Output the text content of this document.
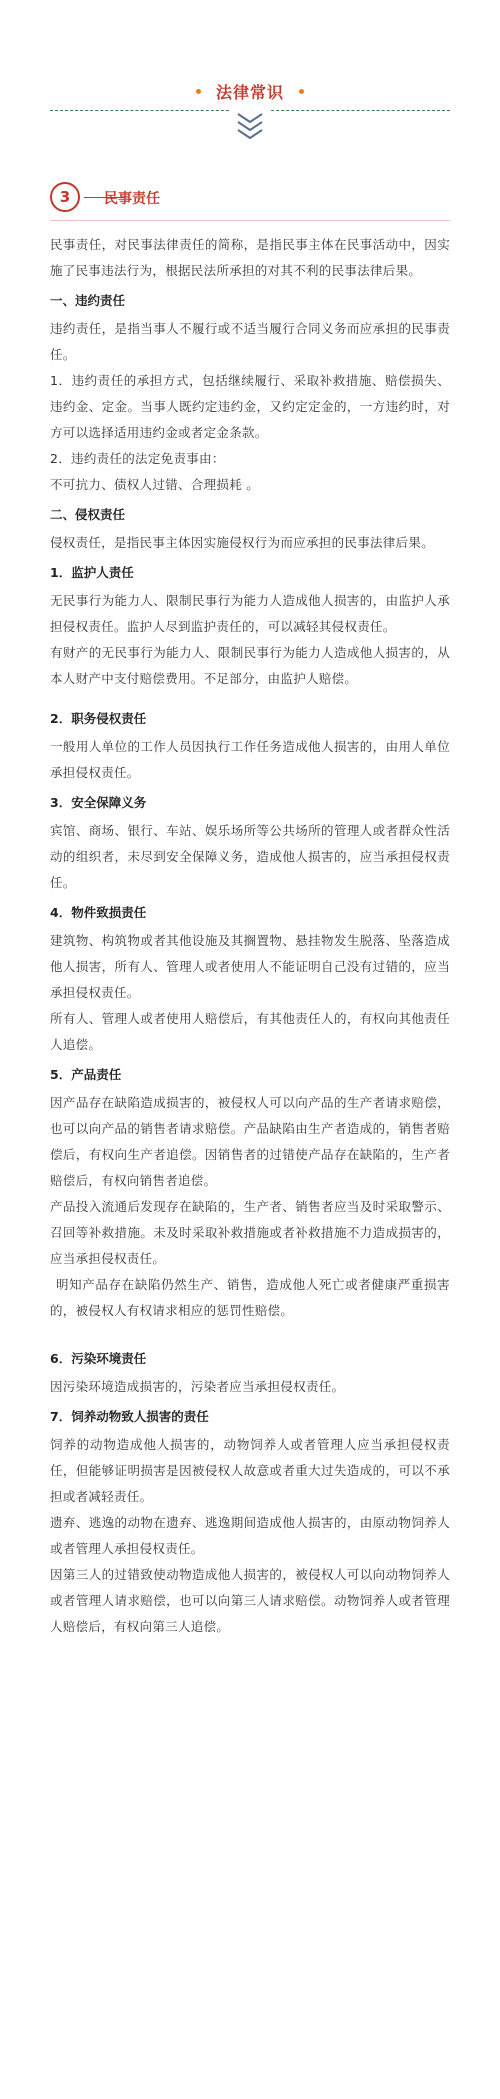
法律常识
3	民事责任

民事责任，对民事法律责任的简称，是指民事主体在民事活动中，因实施了民事违法行为，根据民法所承担的对其不利的民事法律后果。

一、违约责任

违约责任，是指当事人不履行或不适当履行合同义务而应承担的民事责任。

1．违约责任的承担方式，包括继续履行、采取补救措施、赔偿损失、违约金、定金。当事人既约定违约金，又约定定金的，一方违约时，对方可以选择适用违约金或者定金条款。

2．违约责任的法定免责事由：

不可抗力、债权人过错、合理损耗 。

二、侵权责任

侵权责任，是指民事主体因实施侵权行为而应承担的民事法律后果。

1．监护人责任

无民事行为能力人、限制民事行为能力人造成他人损害的，由监护人承担侵权责任。监护人尽到监护责任的，可以减轻其侵权责任。

有财产的无民事行为能力人、限制民事行为能力人造成他人损害的，从本人财产中支付赔偿费用。不足部分，由监护人赔偿。

2．职务侵权责任

一般用人单位的工作人员因执行工作任务造成他人损害的，由用人单位承担侵权责任。

3．安全保障义务

宾馆、商场、银行、车站、娱乐场所等公共场所的管理人或者群众性活动的组织者，未尽到安全保障义务，造成他人损害的，应当承担侵权责任。

4．物件致损责任

建筑物、构筑物或者其他设施及其搁置物、悬挂物发生脱落、坠落造成他人损害，所有人、管理人或者使用人不能证明自己没有过错的，应当承担侵权责任。

所有人、管理人或者使用人赔偿后，有其他责任人的，有权向其他责任人追偿。

5．产品责任

因产品存在缺陷造成损害的，被侵权人可以向产品的生产者请求赔偿，也可以向产品的销售者请求赔偿。产品缺陷由生产者造成的，销售者赔偿后，有权向生产者追偿。因销售者的过错使产品存在缺陷的，生产者赔偿后，有权向销售者追偿。

产品投入流通后发现存在缺陷的，生产者、销售者应当及时采取警示、召回等补救措施。未及时采取补救措施或者补救措施不力造成损害的，应当承担侵权责任。

明知产品存在缺陷仍然生产、销售，造成他人死亡或者健康严重损害的，被侵权人有权请求相应的惩罚性赔偿。

6．污染环境责任

因污染环境造成损害的，污染者应当承担侵权责任。

7．饲养动物致人损害的责任

饲养的动物造成他人损害的，动物饲养人或者管理人应当承担侵权责任，但能够证明损害是因被侵权人故意或者重大过失造成的，可以不承担或者减轻责任。

遗弃、逃逸的动物在遗弃、逃逸期间造成他人损害的，由原动物饲养人或者管理人承担侵权责任。

因第三人的过错致使动物造成他人损害的，被侵权人可以向动物饲养人或者管理人请求赔偿，也可以向第三人请求赔偿。动物饲养人或者管理人赔偿后，有权向第三人追偿。
